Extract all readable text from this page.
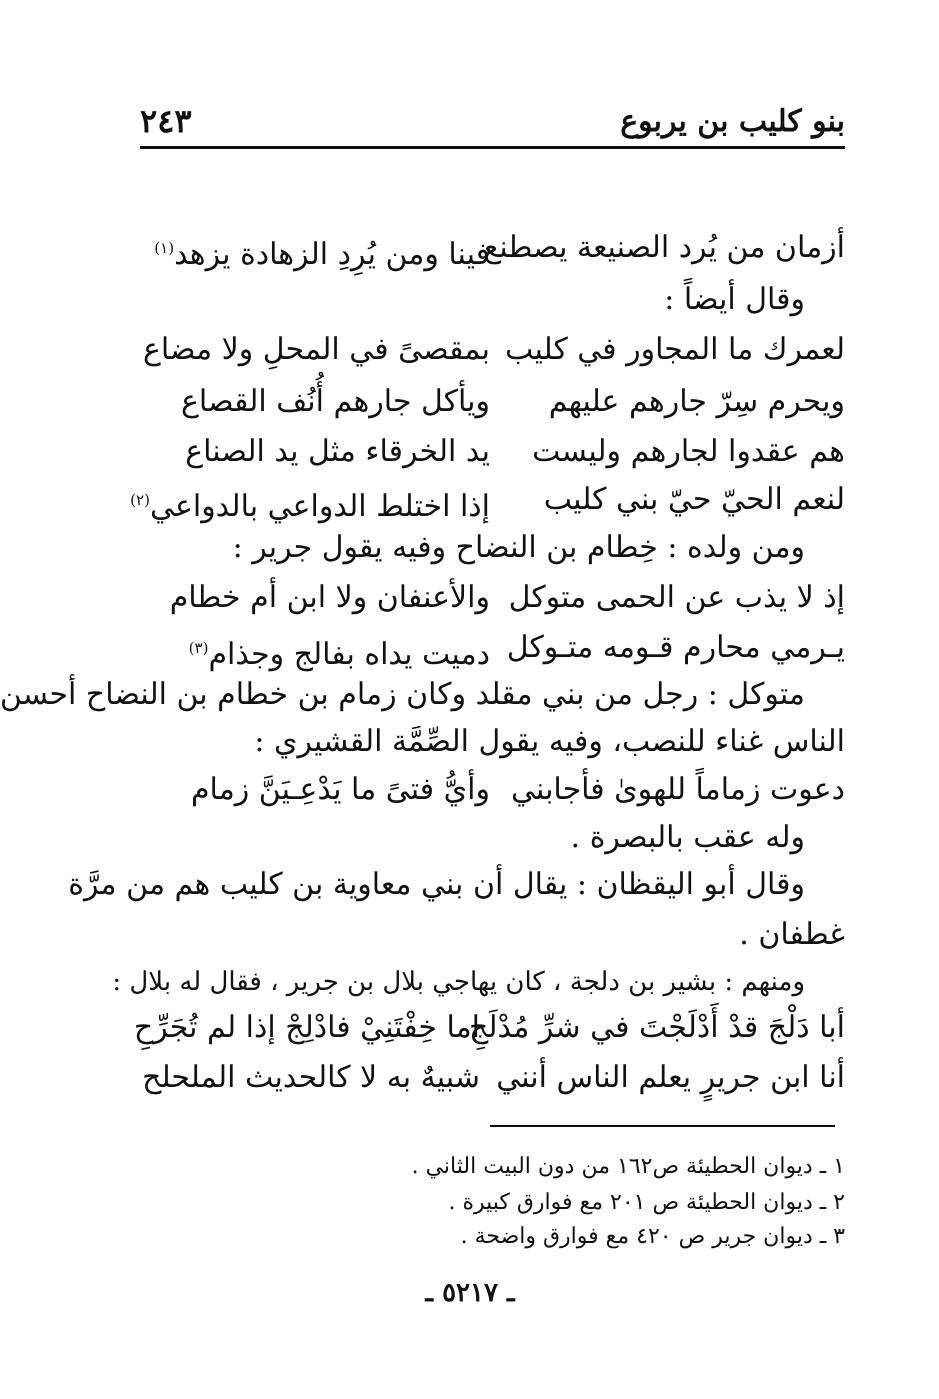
بنو كليب بن يربوع
٢٤٣
أزمان من يُرد الصنيعة يصطنع
فينا ومن يُرِدِ الزهادة يزهد$^{(١)}$
وقال أيضاً :
لعمرك ما المجاور في كليب
بمقصىً في المحلِ ولا مضاع
ويحرم سِرّ جارهم عليهم
ويأكل جارهم أُنُف القصاع
هم عقدوا لجارهم وليست
يد الخرقاء مثل يد الصناع
لنعم الحيّ حيّ بني كليب
إذا اختلط الدواعي بالدواعي$^{(٢)}$
ومن ولده : خِطام بن النضاح وفيه يقول جرير :
إذ لا يذب عن الحمى متوكل
والأعنفان ولا ابن أم خطام
يـرمي محارم قـومه متـوكل
دميت يداه بفالج وجذام$^{(٣)}$
متوكل : رجل من بني مقلد وكان زمام بن خطام بن النضاح أحسن
الناس غناء للنصب، وفيه يقول الصِّمَّة القشيري :
دعوت زماماً للهوىٰ فأجابني
وأيُّ فتىً ما يَدْعِـيَنَّ زمام
وله عقب بالبصرة .
وقال أبو اليقظان : يقال أن بني معاوية بن كليب هم من مرَّة
غطفان .
ومنهم : بشير بن دلجة ، كان يهاجي بلال بن جرير ، فقال له بلال :
أبا دَلْجَ قدْ أَدْلَجْتَ في شرِّ مُدْلَجِ
اما خِفْتَنِيْ فادْلِجْ إذا لم تُجَرِّحِ
أنا ابن جريرٍ يعلم الناس أنني
شبيهٌ به لا كالحديث الملحلح
١ ـ ديوان الحطيئة ص١٦٢ من دون البيت الثاني .
٢ ـ ديوان الحطيئة ص ٢٠١ مع فوارق كبيرة .
٣ ـ ديوان جرير ص ٤٢٠ مع فوارق واضحة .
ـ ٥٢١٧ ـ
